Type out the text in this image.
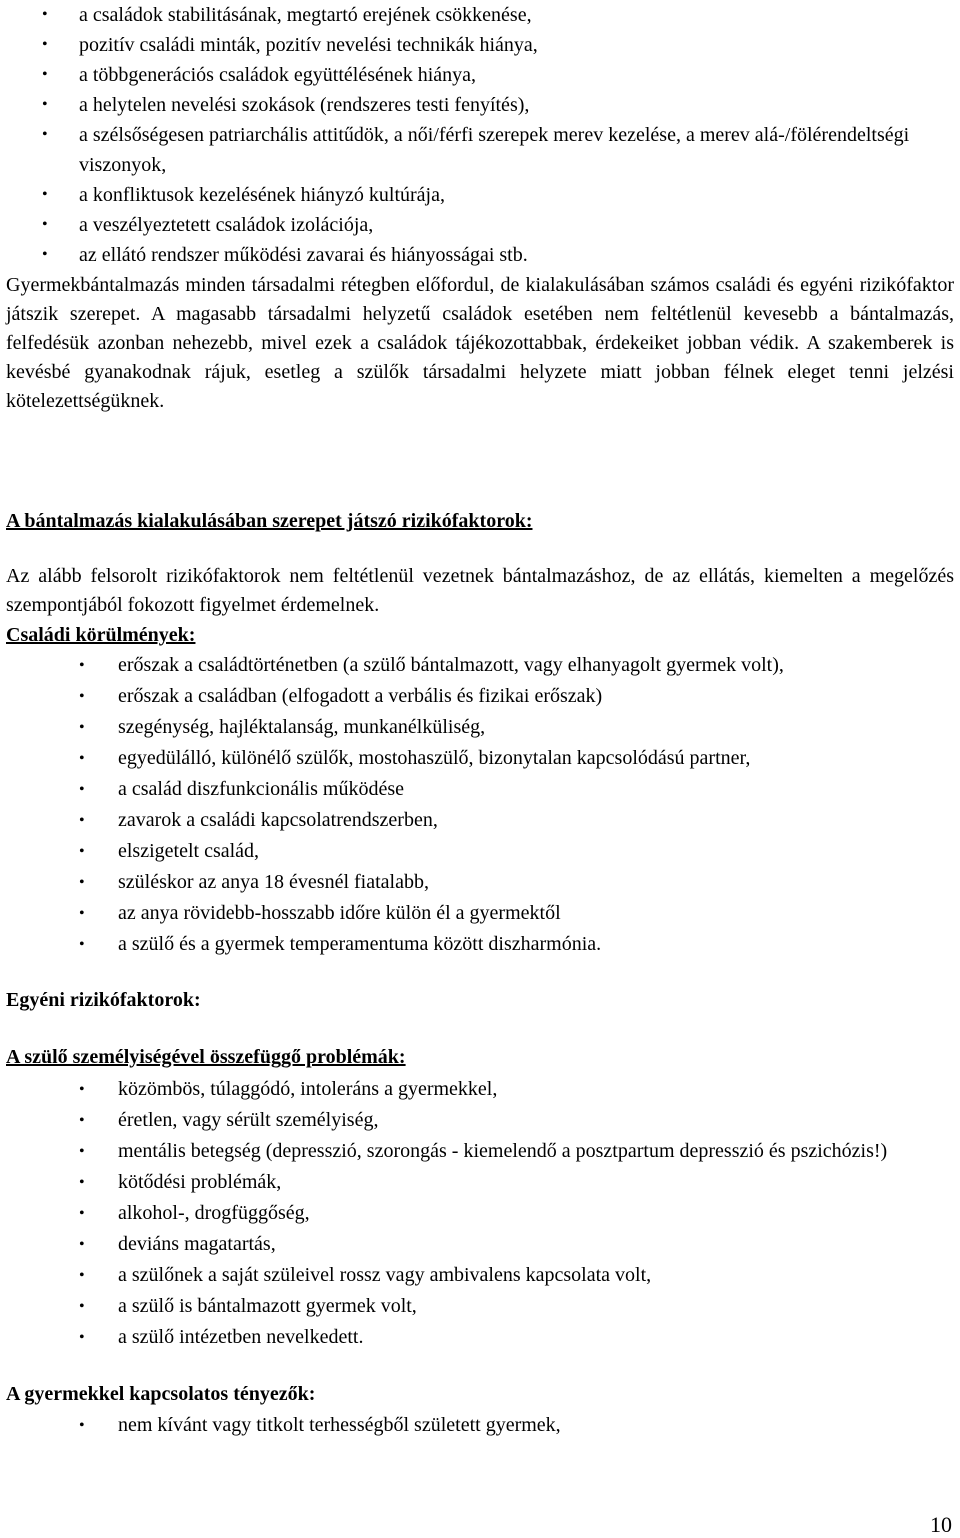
• a családok stabilitásának, megtartó erejének csökkenése,
• pozitív családi minták, pozitív nevelési technikák hiánya,
• a többgenerációs családok együttélésének hiánya,
• a helytelen nevelési szokások (rendszeres testi fenyítés),
• a szélsőségesen patriarchális attitűdök, a női/férfi szerepek merev kezelése, a merev alá-/fölérendeltségi viszonyok,
• a konfliktusok kezelésének hiányzó kultúrája,
• a veszélyeztetett családok izolációja,
• az ellátó rendszer működési zavarai és hiányosságai stb.

Gyermekbántalmazás minden társadalmi rétegben előfordul, de kialakulásában számos családi és egyéni rizikófaktor játszik szerepet. A magasabb társadalmi helyzetű családok esetében nem feltétlenül kevesebb a bántalmazás, felfedésük azonban nehezebb, mivel ezek a családok tájékozottabbak, érdekeiket jobban védik. A szakemberek is kevésbé gyanakodnak rájuk, esetleg a szülők társadalmi helyzete miatt jobban félnek eleget tenni jelzési kötelezettségüknek.

A bántalmazás kialakulásában szerepet játszó rizikófaktorok:

Az alább felsorolt rizikófaktorok nem feltétlenül vezetnek bántalmazáshoz, de az ellátás, kiemelten a megelőzés szempontjából fokozott figyelmet érdemelnek.

Családi körülmények:
• erőszak a családtörténetben (a szülő bántalmazott, vagy elhanyagolt gyermek volt),
• erőszak a családban (elfogadott a verbális és fizikai erőszak)
• szegénység, hajléktalanság, munkanélküliség,
• egyedülálló, különélő szülők, mostohaszülő, bizonytalan kapcsolódású partner,
• a család diszfunkcionális működése
• zavarok a családi kapcsolatrendszerben,
• elszigetelt család,
• szüléskor az anya 18 évesnél fiatalabb,
• az anya rövidebb-hosszabb időre külön él a gyermektől
• a szülő és a gyermek temperamentuma között diszharmónia.
Egyéni rizikófaktorok:
A szülő személyiségével összefüggő problémák:
• közömbös, túlaggódó, intoleráns a gyermekkel,
• éretlen, vagy sérült személyiség,
• mentális betegség (depresszió, szorongás - kiemelendő a posztpartum depresszió és pszichózis!)
• kötődési problémák,
• alkohol-, drogfüggőség,
• deviáns magatartás,
• a szülőnek a saját szüleivel rossz vagy ambivalens kapcsolata volt,
• a szülő is bántalmazott gyermek volt,
• a szülő intézetben nevelkedett.
A gyermekkel kapcsolatos tényezők:
• nem kívánt vagy titkolt terhességből született gyermek,
10
